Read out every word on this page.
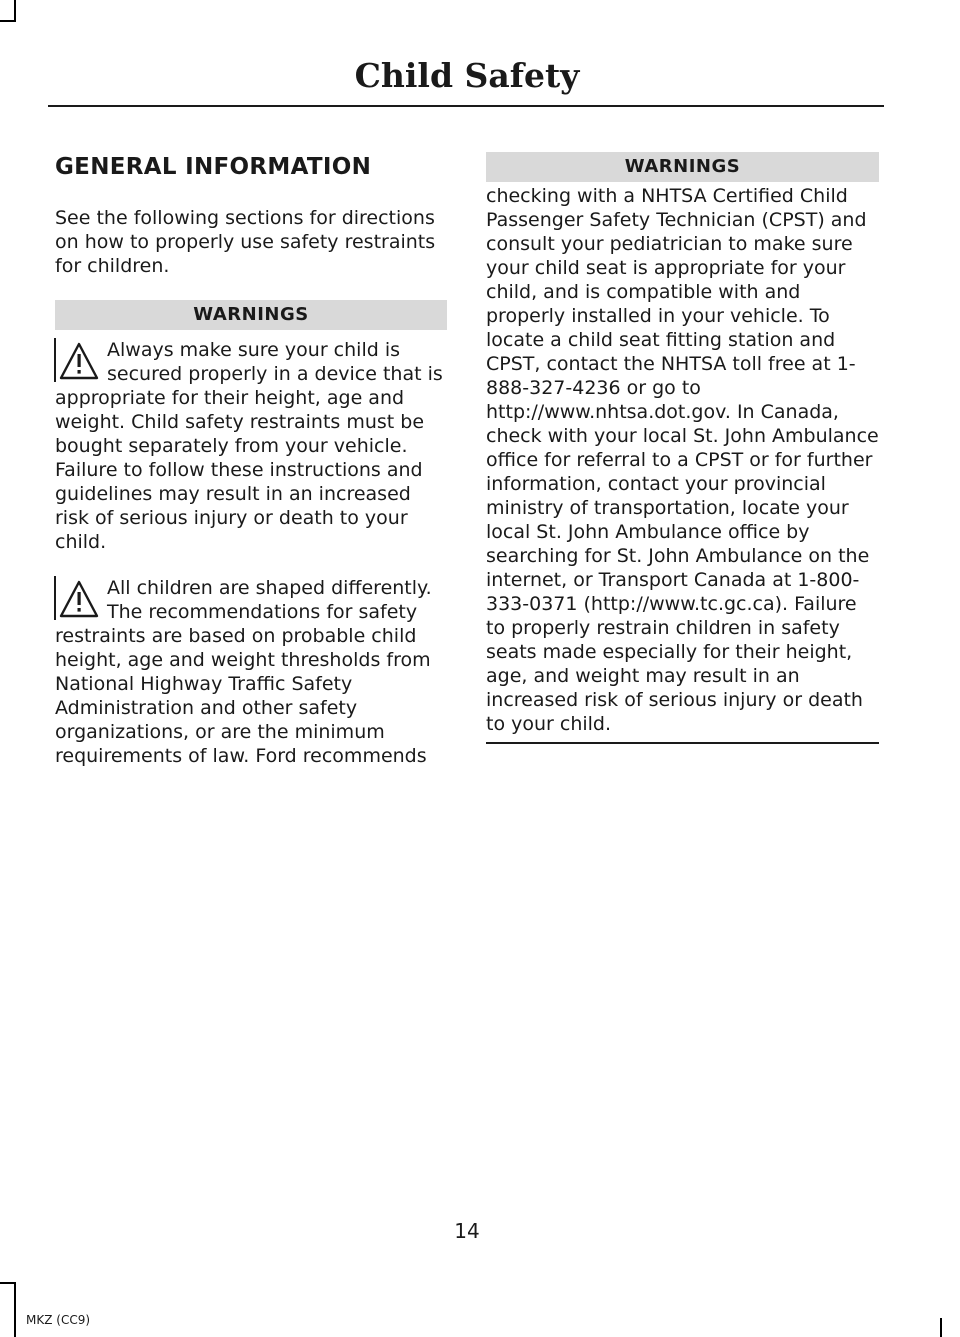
Child Safety
GENERAL INFORMATION

See the following sections for directions on how to properly use safety restraints for children.

WARNINGS
Always make sure your child is secured properly in a device that is appropriate for their height, age and weight. Child safety restraints must be bought separately from your vehicle. Failure to follow these instructions and guidelines may result in an increased risk of serious injury or death to your child.
All children are shaped differently. The recommendations for safety restraints are based on probable child height, age and weight thresholds from National Highway Traffic Safety Administration and other safety organizations, or are the minimum requirements of law. Ford recommends
WARNINGS

checking with a NHTSA Certified Child Passenger Safety Technician (CPST) and consult your pediatrician to make sure your child seat is appropriate for your child, and is compatible with and properly installed in your vehicle. To locate a child seat fitting station and CPST, contact the NHTSA toll free at 1-888-327-4236 or go to http://www.nhtsa.dot.gov. In Canada, check with your local St. John Ambulance office for referral to a CPST or for further information, contact your provincial ministry of transportation, locate your local St. John Ambulance office by searching for St. John Ambulance on the internet, or Transport Canada at 1-800-333-0371 (http://www.tc.gc.ca). Failure to properly restrain children in safety seats made especially for their height, age, and weight may result in an increased risk of serious injury or death to your child.

14
MKZ (CC9)
